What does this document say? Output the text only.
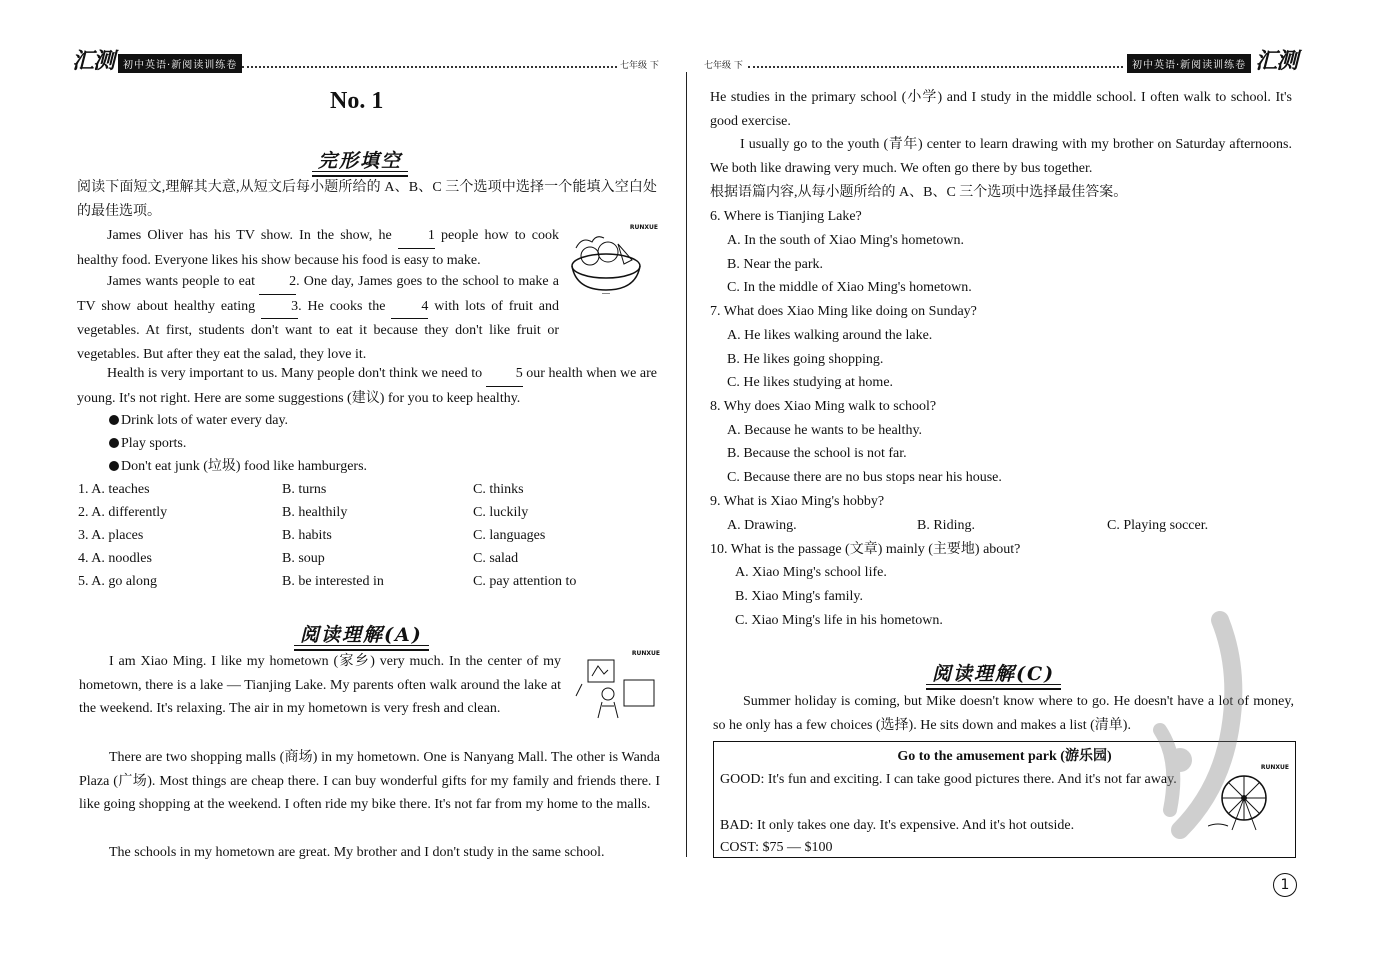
汇测 初中英语·新阅读训练卷	七年级 下	七年级 下	初中英语·新阅读训练卷 汇测
No. 1
完形填空
阅读下面短文,理解其大意,从短文后每小题所给的 A、B、C 三个选项中选择一个能填入空白处的最佳选项。
RUNXUE
James Oliver has his TV show. In the show, he	1 people how to cook healthy food. Everyone likes his show because his food is easy to make.
James wants people to eat 2. One day, James goes to the school to make a TV show about healthy eating	3. He cooks the	4 with lots of fruit and vegetables. At first, students don't want to eat it because they don't like fruit or vegetables. But after they eat the salad, they love it.
Health is very important to us. Many people don't think we need to 5 our health when we are young. It's not right. Here are some suggestions (建议) for you to keep healthy.
Drink lots of water every day.
Play sports.
Don't eat junk (垃圾) food like hamburgers.
1. A. teaches	B. turns	C. thinks
2. A. differently	B. healthily	C. luckily
3. A. places	B. habits	C. languages
4. A. noodles	B. soup	C. salad
5. A. go along	B. be interested in	C. pay attention to
阅读理解(A)
RUNXUE
I am Xiao Ming. I like my hometown (家乡) very much. In the center of my hometown, there is a lake — Tianjing Lake. My parents often walk around the lake at the weekend. It's relaxing. The air in my hometown is very fresh and clean.
There are two shopping malls (商场) in my hometown. One is Nanyang Mall. The other is Wanda Plaza (广场). Most things are cheap there. I can buy wonderful gifts for my family and friends there. I like going shopping at the weekend. I often ride my bike there. It's not far from my home to the malls.
The schools in my hometown are great. My brother and I don't study in the same school.
He studies in the primary school (小学) and I study in the middle school. I often walk to school. It's good exercise.
I usually go to the youth (青年) center to learn drawing with my brother on Saturday afternoons. We both like drawing very much. We often go there by bus together.
根据语篇内容,从每小题所给的 A、B、C 三个选项中选择最佳答案。
6. Where is Tianjing Lake?
A. In the south of Xiao Ming's hometown.
B. Near the park.
C. In the middle of Xiao Ming's hometown.
7. What does Xiao Ming like doing on Sunday?
A. He likes walking around the lake.
B. He likes going shopping.
C. He likes studying at home.
8. Why does Xiao Ming walk to school?
A. Because he wants to be healthy.
B. Because the school is not far.
C. Because there are no bus stops near his house.
9. What is Xiao Ming's hobby?
A. Drawing.	B. Riding.	C. Playing soccer.
10. What is the passage (文章) mainly (主要地) about?
A. Xiao Ming's school life.
B. Xiao Ming's family.
C. Xiao Ming's life in his hometown.
阅读理解(C)
Summer holiday is coming, but Mike doesn't know where to go. He doesn't have a lot of money, so he only has a few choices (选择). He sits down and makes a list (清单).
Go to the amusement park (游乐园)
GOOD: It's fun and exciting. I can take good pictures there. And it's not far away.
BAD: It only takes one day. It's expensive. And it's hot outside.
COST: $75 — $100
RUNXUE
1
